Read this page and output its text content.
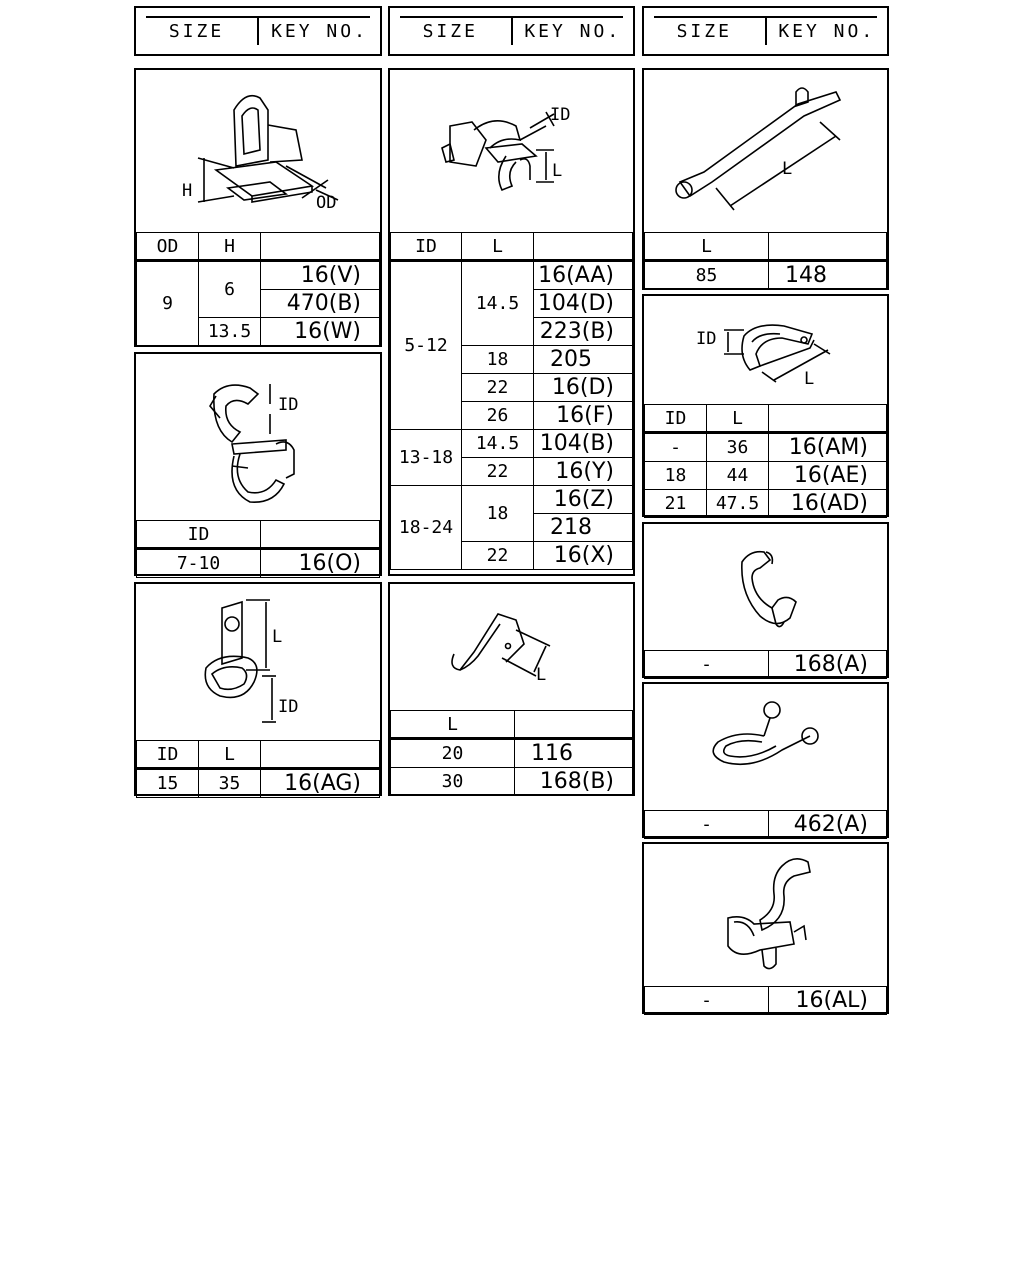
SIZE	KEY NO.	SIZE	KEY NO.	SIZE	KEY NO.
H
OD
OD	H	
9	6	16(V)
		470(B)
	13.5	16(W)
ID
ID	
7-10	16(O)
L
ID
ID	L	
15	35	16(AG)
ID
L
ID	L	
5-12	14.5	16(AA)
		104(D)
		223(B)
	18	205
	22	16(D)
	26	16(F)
13-18	14.5	104(B)
	22	16(Y)
18-24	18	16(Z)
		218
	22	16(X)
L
L	
20	116
30	168(B)
L
L	
85	148
ID
L
ID	L	
-	36	16(AM)
18	44	16(AE)
21	47.5	16(AD)
-	168(A)
-	462(A)
-	16(AL)
